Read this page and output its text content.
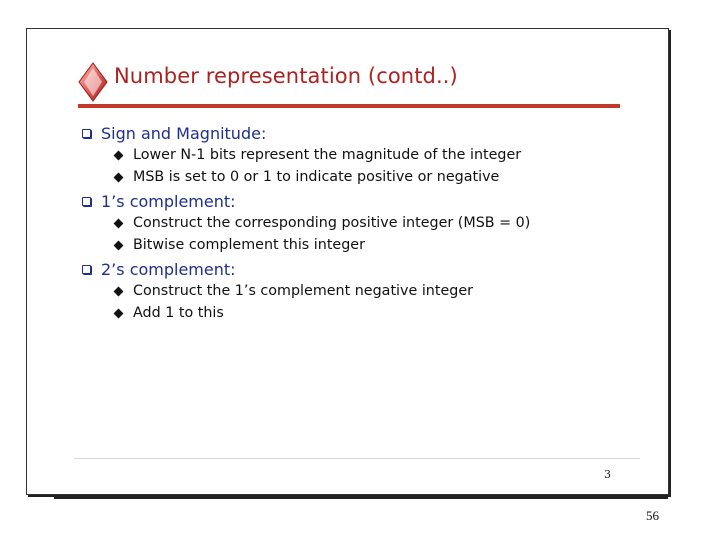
Number representation (contd..)
Sign and Magnitude:
Lower N-1 bits represent the magnitude of the integer
MSB is set to 0 or 1 to indicate positive or negative
1’s complement:
Construct the corresponding positive integer (MSB = 0)
Bitwise complement this integer
2’s complement:
Construct the 1’s complement negative integer
Add 1 to this
3
56
